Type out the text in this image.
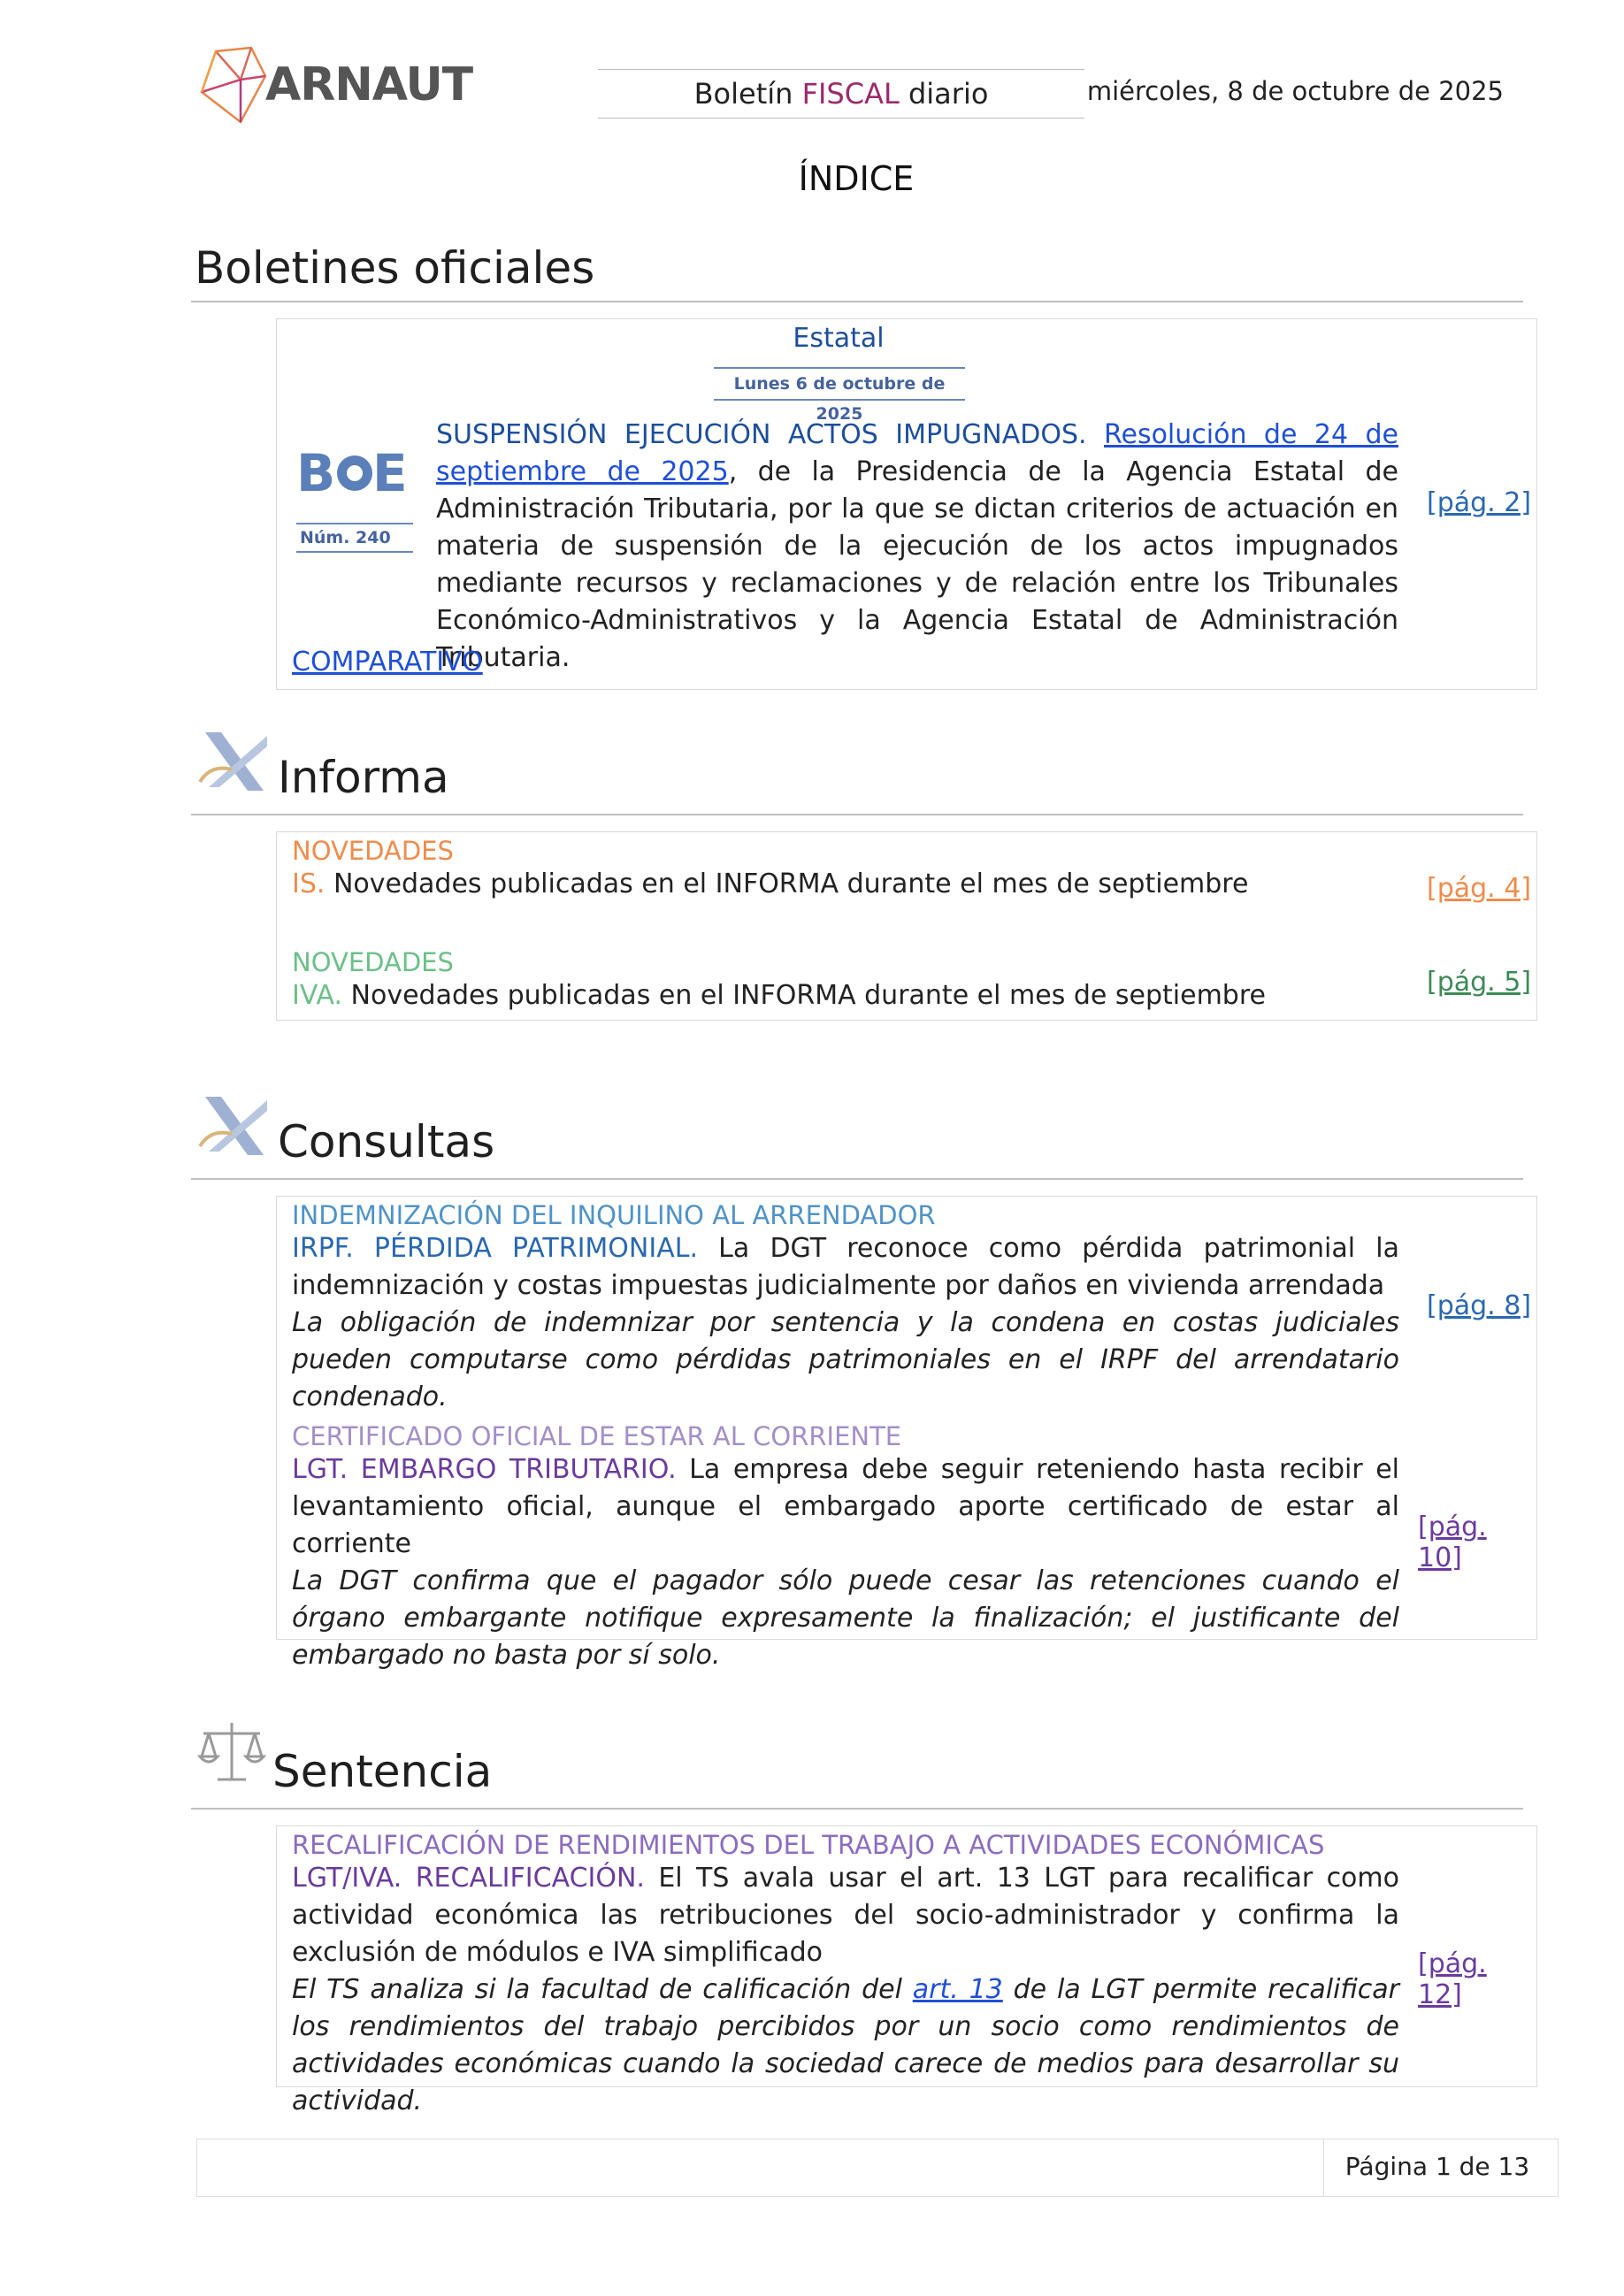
ARNAUT	Boletín FISCAL diario	miércoles, 8 de octubre de 2025
ÍNDICE
Boletines oficiales
Estatal
Lunes 6 de octubre de 2025
B E
Núm. 240
SUSPENSIÓN EJECUCIÓN ACTOS IMPUGNADOS. Resolución de 24 de septiembre de 2025, de la Presidencia de la Agencia Estatal de Administración Tributaria, por la que se dictan criterios de actuación en materia de suspensión de la ejecución de los actos impugnados mediante recursos y reclamaciones y de relación entre los Tribunales Económico-Administrativos y la Agencia Estatal de Administración Tributaria.
COMPARATIVO
[pág. 2]
Informa
NOVEDADES
IS. Novedades publicadas en el INFORMA durante el mes de septiembre	[pág. 4]
NOVEDADES
IVA. Novedades publicadas en el INFORMA durante el mes de septiembre	[pág. 5]
Consultas
INDEMNIZACIÓN DEL INQUILINO AL ARRENDADOR
IRPF. PÉRDIDA PATRIMONIAL. La DGT reconoce como pérdida patrimonial la indemnización y costas impuestas judicialmente por daños en vivienda arrendada
La obligación de indemnizar por sentencia y la condena en costas judiciales pueden computarse como pérdidas patrimoniales en el IRPF del arrendatario condenado.
[pág. 8]
CERTIFICADO OFICIAL DE ESTAR AL CORRIENTE
LGT. EMBARGO TRIBUTARIO. La empresa debe seguir reteniendo hasta recibir el levantamiento oficial, aunque el embargado aporte certificado de estar al corriente
La DGT confirma que el pagador sólo puede cesar las retenciones cuando el órgano embargante notifique expresamente la finalización; el justificante del embargado no basta por sí solo.
[pág. 10]
Sentencia
RECALIFICACIÓN DE RENDIMIENTOS DEL TRABAJO A ACTIVIDADES ECONÓMICAS
LGT/IVA. RECALIFICACIÓN. El TS avala usar el art. 13 LGT para recalificar como actividad económica las retribuciones del socio-administrador y confirma la exclusión de módulos e IVA simplificado
El TS analiza si la facultad de calificación del art. 13 de la LGT permite recalificar los rendimientos del trabajo percibidos por un socio como rendimientos de actividades económicas cuando la sociedad carece de medios para desarrollar su actividad.
[pág. 12]
Página 1 de 13
